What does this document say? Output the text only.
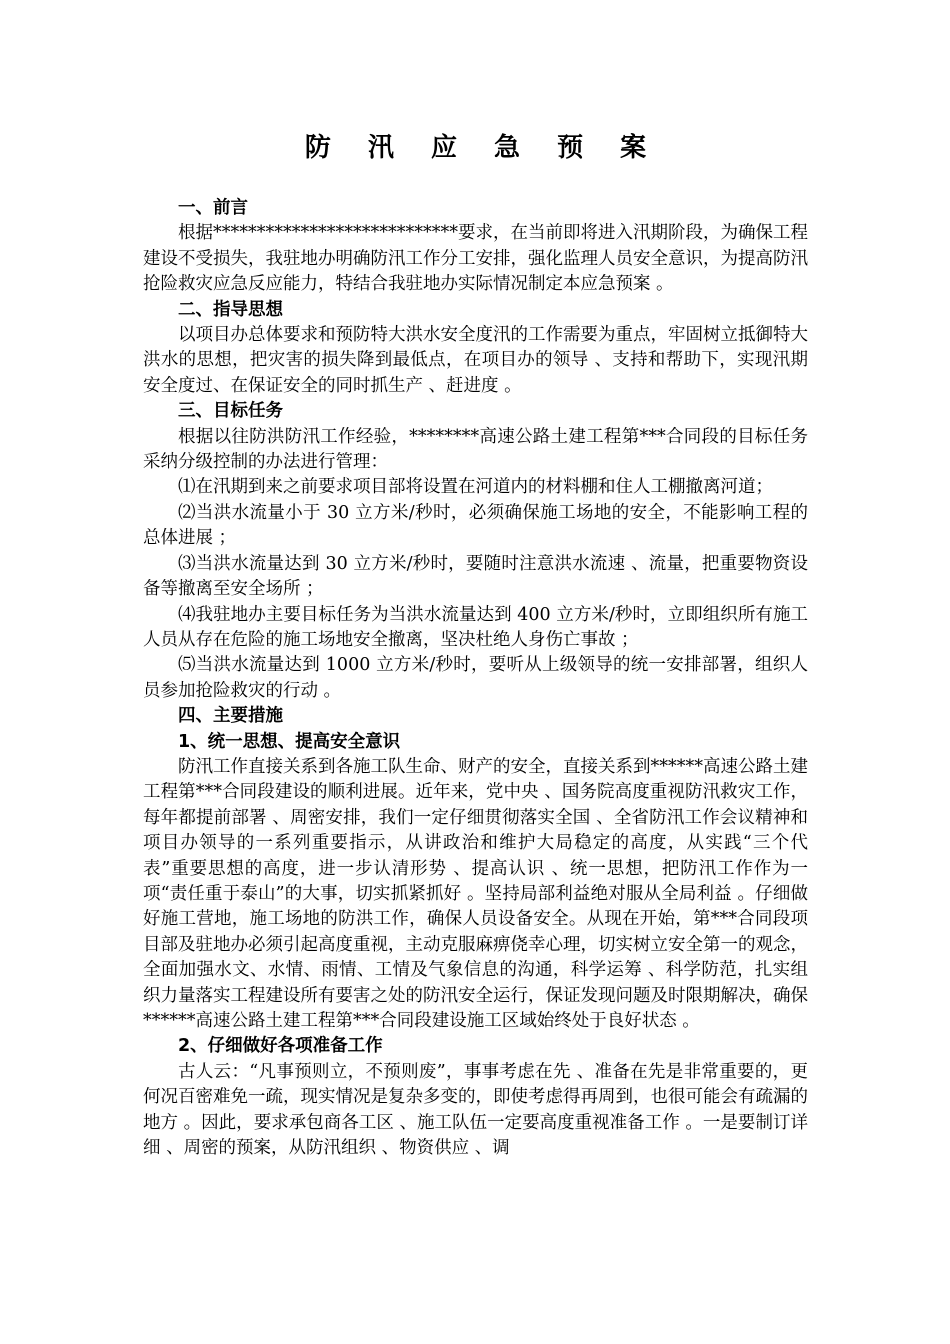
防 汛 应 急 预 案
一、前言

根据****************************要求，在当前即将进入汛期阶段，为确保工程建设不受损失，我驻地办明确防汛工作分工安排，强化监理人员安全意识，为提高防汛抢险救灾应急反应能力，特结合我驻地办实际情况制定本应急预案 。

二、指导思想

以项目办总体要求和预防特大洪水安全度汛的工作需要为重点，牢固树立抵御特大洪水的思想，把灾害的损失降到最低点，在项目办的领导 、支持和帮助下，实现汛期安全度过、在保证安全的同时抓生产 、赶进度 。

三、目标任务

根据以往防洪防汛工作经验，********高速公路土建工程第***合同段的目标任务采纳分级控制的办法进行管理：

⑴在汛期到来之前要求项目部将设置在河道内的材料棚和住人工棚撤离河道；

⑵当洪水流量小于 30 立方米/秒时，必须确保施工场地的安全，不能影响工程的总体进展 ；

⑶当洪水流量达到 30 立方米/秒时，要随时注意洪水流速 、流量，把重要物资设备等撤离至安全场所 ；

⑷我驻地办主要目标任务为当洪水流量达到 400 立方米/秒时，立即组织所有施工人员从存在危险的施工场地安全撤离，坚决杜绝人身伤亡事故 ；

⑸当洪水流量达到 1000 立方米/秒时，要听从上级领导的统一安排部署，组织人员参加抢险救灾的行动 。

四、主要措施
1、统一思想、提高安全意识

防汛工作直接关系到各施工队生命、财产的安全，直接关系到******高速公路土建工程第***合同段建设的顺利进展。近年来，党中央 、国务院高度重视防汛救灾工作，每年都提前部署 、周密安排，我们一定仔细贯彻落实全国 、全省防汛工作会议精神和项目办领导的一系列重要指示，从讲政治和维护大局稳定的高度，从实践“三个代表”重要思想的高度，进一步认清形势 、提高认识 、统一思想，把防汛工作作为一项“责任重于泰山”的大事，切实抓紧抓好 。坚持局部利益绝对服从全局利益 。仔细做好施工营地，施工场地的防洪工作，确保人员设备安全。从现在开始，第***合同段项目部及驻地办必须引起高度重视，主动克服麻痹侥幸心理，切实树立安全第一的观念，全面加强水文、水情、雨情、工情及气象信息的沟通，科学运筹 、科学防范，扎实组织力量落实工程建设所有要害之处的防汛安全运行，保证发现问题及时限期解决，确保******高速公路土建工程第***合同段建设施工区域始终处于良好状态 。

2、仔细做好各项准备工作

古人云：“凡事预则立，不预则废”，事事考虑在先 、准备在先是非常重要的，更何况百密难免一疏，现实情况是复杂多变的，即使考虑得再周到，也很可能会有疏漏的地方 。因此，要求承包商各工区 、施工队伍一定要高度重视准备工作 。一是要制订详细 、周密的预案，从防汛组织 、物资供应 、调
